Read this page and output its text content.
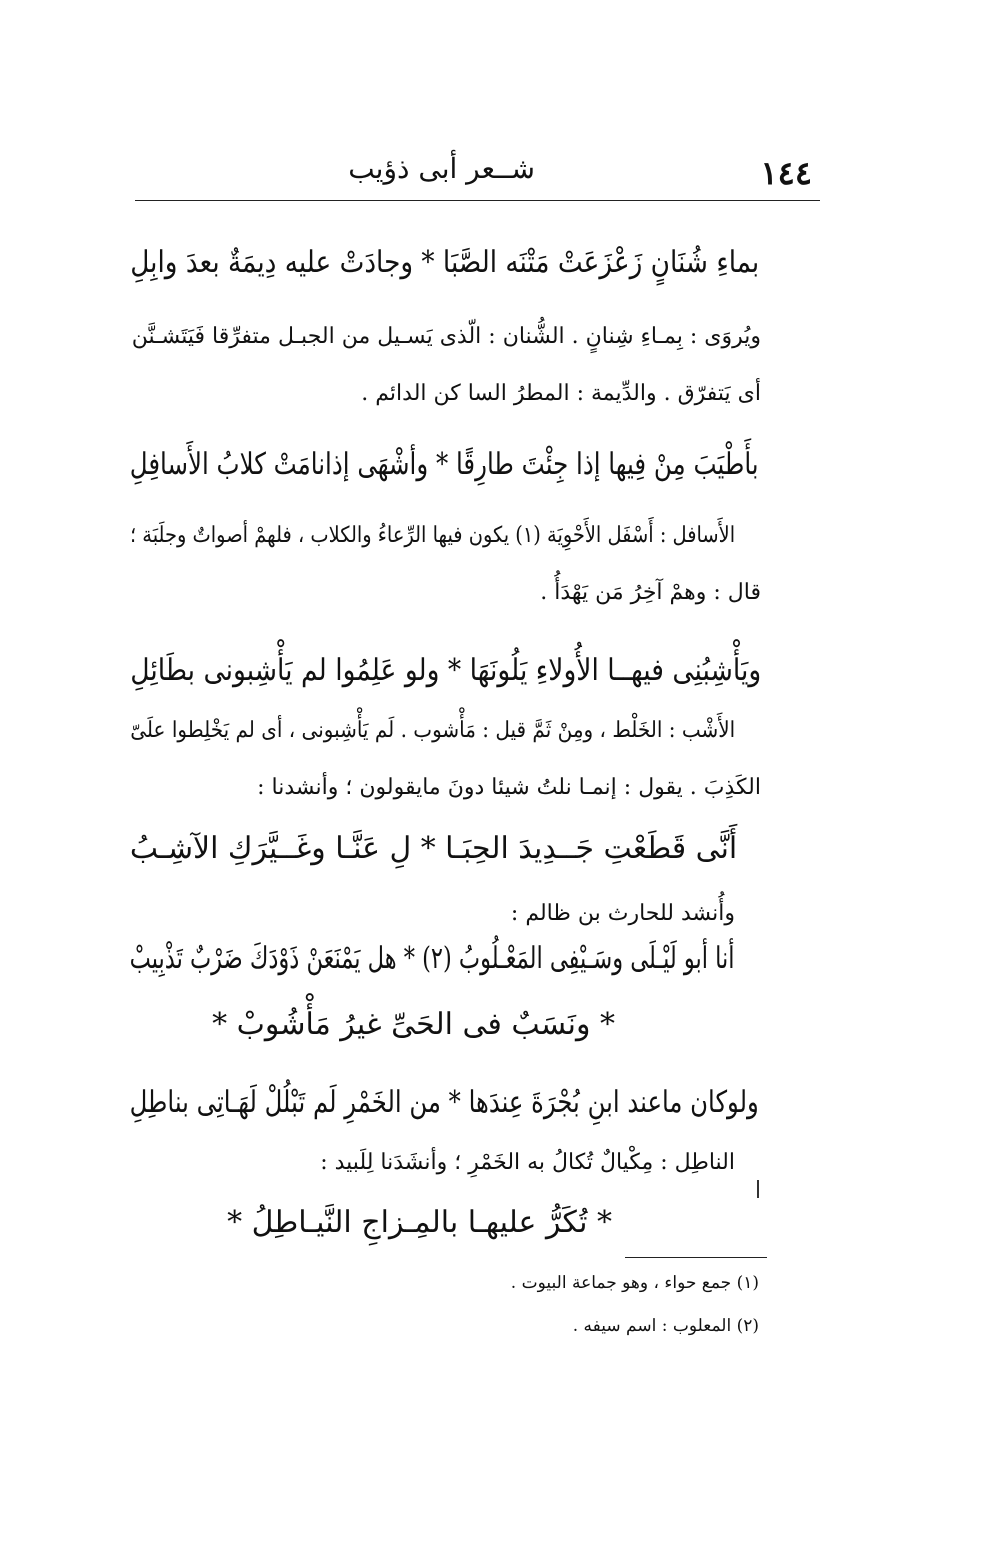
١٤٤
شــعر أبى ذؤيب
بماءِ شُنَانٍ زَعْزَعَتْ مَتْنَه الصَّبَا * وجادَتْ عليه دِيمَةٌ بعدَ وابِلِ
ويُروَى : بِمـاءِ شِنانٍ . الشُّنان : الّذى يَسـيل من الجبـل متفرِّقا فَيَتَشـنَّن
أى يَتفرّق . والدِّيمة : المطرُ السا كن الدائم .
بأَطْيَبَ مِنْ فِيها إذا جِئْتَ طارِقًا * وأشْهَى إذانامَتْ كلابُ الأَسافِلِ
الأَسافل : أَسْفَل الأَحْوِيَة (١) يكون فيها الرِّعاءُ والكلاب ، فلهمْ أصواتٌ وجلَبَة ؛
قال : وهمْ آخِرُ مَن يَهْدَأُ .
ويَأْشِبُنِى فيهــا الأُولاءِ يَلُونَهَا * ولو عَلِمُوا لم يَأْشِبونى بطَائِلِ
الأَشْب : الخَلْط ، ومِنْ ثَمَّ قيل : مَأْشوب . لَم يَأْشِبونى ، أى لم يَخْلِطوا علَىّ
الكَذِبَ . يقول : إنمـا نلتُ شيئا دونَ مايقولون ؛ وأنشدنا :
أَنَّى قَطَعْتِ جَــدِيدَ الحِبَـا * لِ عَنَّـا وغَــيَّرَكِ الآشِـبُ
وأُنشد للحارث بن ظالم :
أنا أبو لَيْـلَى وسَـيْفِى المَعْـلُوبُ (٢) * هل يَمْنَعَنْ ذَوْدَكَ ضَرْبٌ تَذْبِيبْ
* ونَسَبٌ فى الحَىِّ غيرُ مَأْشُوبْ *
ولوكان ماعند ابنِ بُجْرَةَ عِندَها * من الخَمْرِ لَم تَبْلُلْ لَهَـاتِى بناطِلِ
الناطِل : مِكْيالٌ تُكالُ به الخَمْرِ ؛ وأنشَدَنا لِلَبيد :
* تُكَرُّ عليهـا بالمِـزاجِ النَّيـاطِلُ *
(١) جمع حواء ، وهو جماعة البيوت .
(٢) المعلوب : اسم سيفه .
